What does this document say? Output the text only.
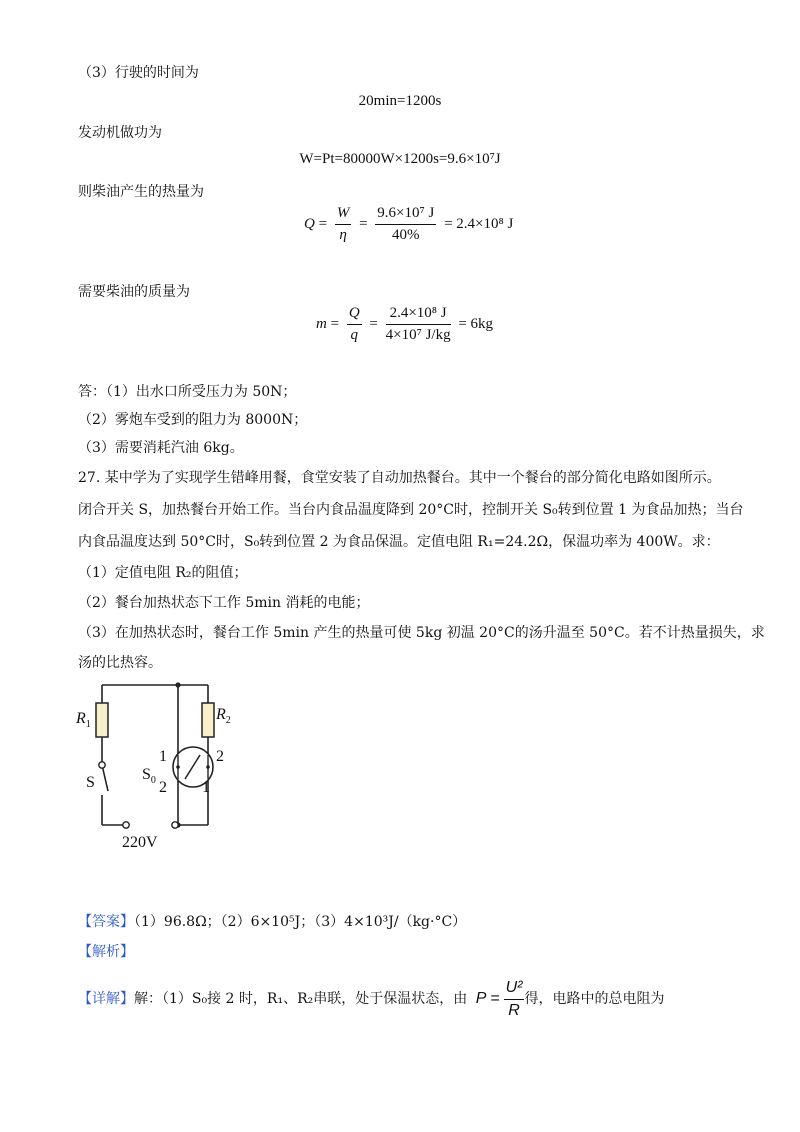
（3）行驶的时间为
20min=1200s
发动机做功为
W=Pt=80000W×1200s=9.6×10⁷J
则柴油产生的热量为
$Q = \frac{W}{\eta} = \frac{\text{9.6×10⁷ J}}{40\%} = 2.4\times 10^8$ J
需要柴油的质量为
$m = \frac{Q}{q} = \frac{\text{2.4×10⁸ J}}{\text{4×10⁷ J/kg}} = 6kg$
答：（1）出水口所受压力为 50N；
（2）雾炮车受到的阻力为 8000N；
（3）需要消耗汽油 6kg。
27. 某中学为了实现学生错峰用餐，食堂安装了自动加热餐台。其中一个餐台的部分简化电路如图所示。
闭合开关 S，加热餐台开始工作。当台内食品温度降到 20°C时，控制开关 S₀转到位置 1 为食品加热；当台
内食品温度达到 50°C时，S₀转到位置 2 为食品保温。定值电阻 R₁=24.2Ω，保温功率为 400W。求：
（1）定值电阻 R₂的阻值；
（2）餐台加热状态下工作 5min 消耗的电能；
（3）在加热状态时，餐台工作 5min 产生的热量可使 5kg 初温 20°C的汤升温至 50°C。若不计热量损失，求
汤的比热容。
$R_1$
$R_2$
S	$S_0$
1	2
2 1
220V
【答案】（1）96.8Ω；（2）6×10⁵J；（3）4×10³J/（kg·°C）
【解析】
【详解】解：（1）S₀接 2 时，R₁、R₂串联，处于保温状态，由 $P = \frac{\text{U²}}{R}$ 得，电路中的总电阻为
